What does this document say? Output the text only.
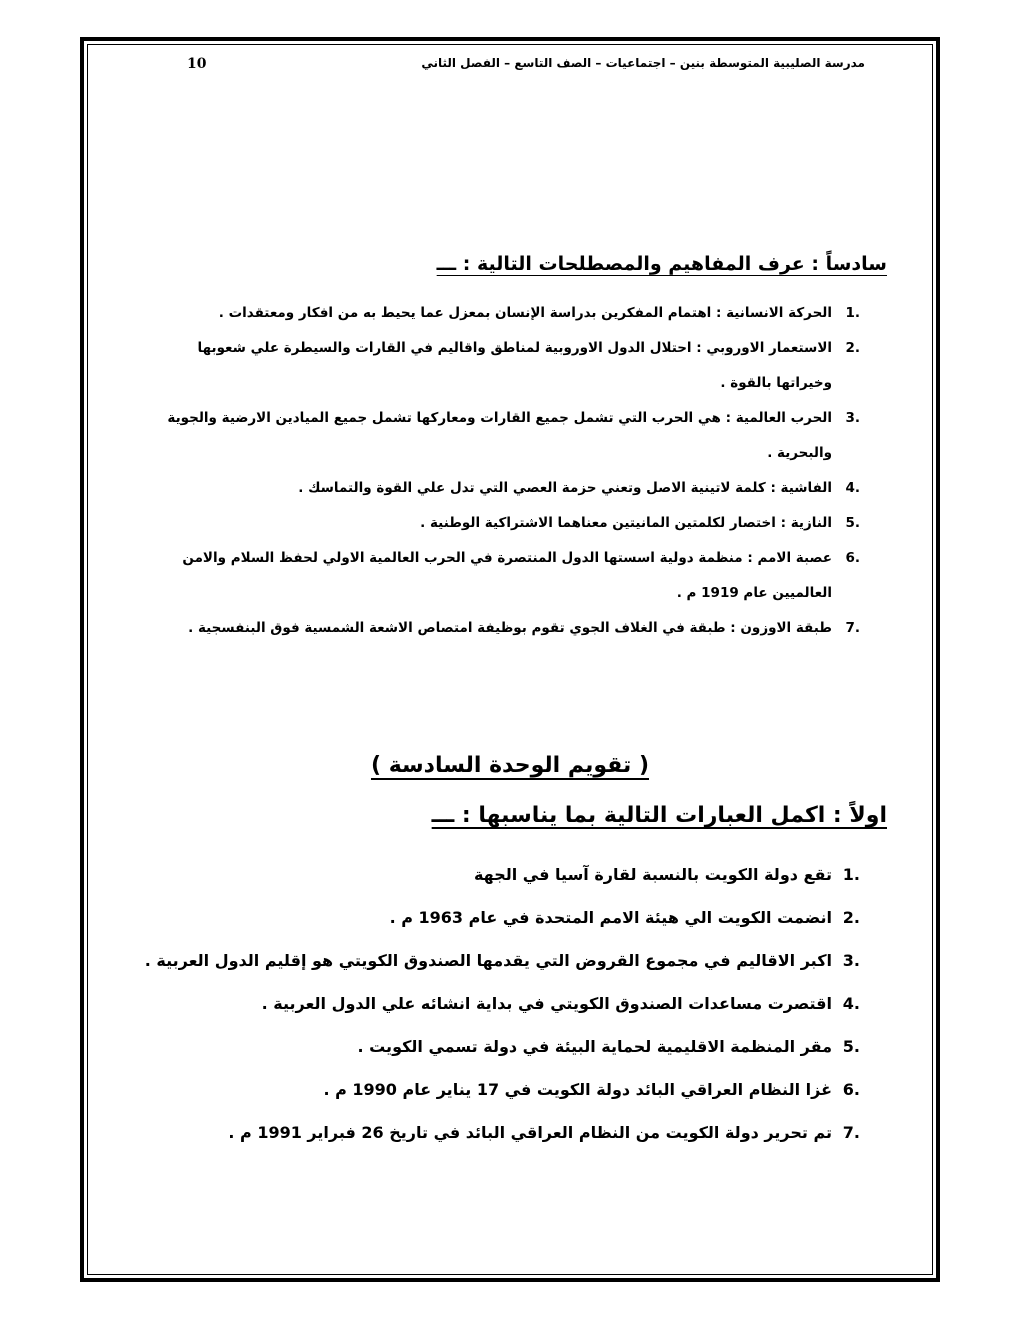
10	مدرسة الصليبية المتوسطة بنين – اجتماعيات – الصف التاسع – الفصل الثاني
سادساً : عرف المفاهيم والمصطلحات التالية : ـــ
1.
الحركة الانسانية : اهتمام المفكرين بدراسة الإنسان بمعزل عما يحيط به من افكار ومعتقدات .
2.
الاستعمار الاوروبي : احتلال الدول الاوروبية لمناطق واقاليم في القارات والسيطرة علي شعوبها وخيراتها بالقوة .
3.
الحرب العالمية : هي الحرب التي تشمل جميع القارات ومعاركها تشمل جميع الميادين الارضية والجوية والبحرية .
4.
الفاشية : كلمة لاتينية الاصل وتعني حزمة العصي التي تدل علي القوة والتماسك .
5.
النازية : اختصار لكلمتين المانيتين معناهما الاشتراكية الوطنية .
6.
عصبة الامم : منظمة دولية اسستها الدول المنتصرة في الحرب العالمية الاولي لحفظ السلام والامن العالميين عام 1919 م .
7.
طبقة الاوزون : طبقة في الغلاف الجوي تقوم بوظيفة امتصاص الاشعة الشمسية فوق البنفسجية .
( تقويم الوحدة السادسة )
اولاً : اكمل العبارات التالية بما يناسبها : ـــ
1.
تقع دولة الكويت بالنسبة لقارة آسيا في الجهة
2.
انضمت الكويت الي هيئة الامم المتحدة في عام 1963 م .
3.
اكبر الاقاليم في مجموع القروض التي يقدمها الصندوق الكويتي هو إقليم الدول العربية .
4.
اقتصرت مساعدات الصندوق الكويتي في بداية انشائه علي الدول العربية .
5.
مقر المنظمة الاقليمية لحماية البيئة في دولة تسمي الكويت .
6.
غزا النظام العراقي البائد دولة الكويت في 17 يناير عام 1990 م .
7.
تم تحرير دولة الكويت من النظام العراقي البائد في تاريخ 26 فبراير 1991 م .
